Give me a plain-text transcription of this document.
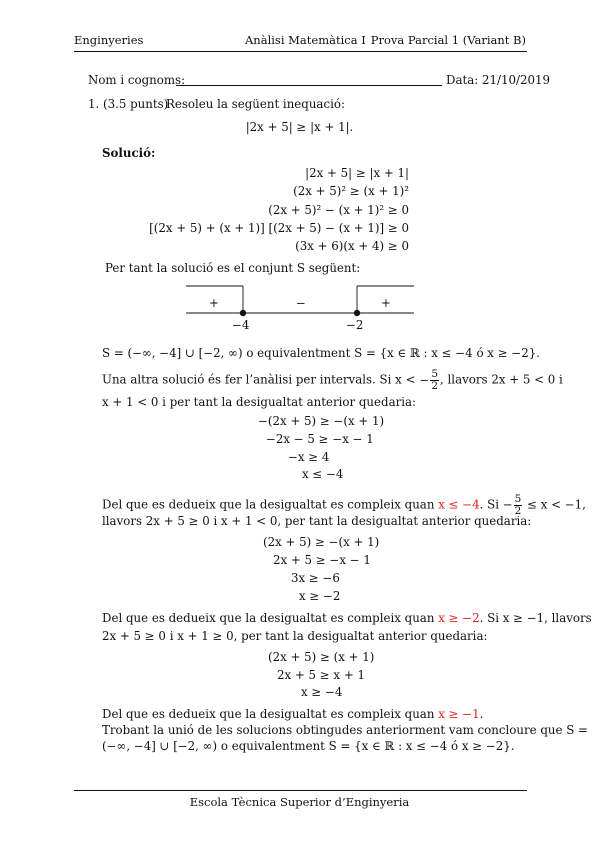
Enginyeries	Anàlisi Matemàtica I Prova Parcial 1 (Variant B)
Nom i cognoms:	Data: 21/10/2019
1. (3.5 punts)
Resoleu la següent inequació:
|2x + 5| ≥ |x + 1|.
Solució:
|2x + 5| ≥ |x + 1|
(2x + 5)² ≥ (x + 1)²
(2x + 5)² − (x + 1)² ≥ 0
[(2x + 5) + (x + 1)] [(2x + 5) − (x + 1)] ≥ 0
(3x + 6)(x + 4) ≥ 0
Per tant la solució es el conjunt S següent:
+	−	+
−4	−2
S = (−∞, −4] ∪ [−2, ∞) o equivalentment S = {x ∈ ℝ : x ≤ −4 ó x ≥ −2}.
Una altra solució és fer l’anàlisi per intervals. Si x < − $\frac{5}{2}$ , llavors 2x + 5 < 0 i
x + 1 < 0 i per tant la desigualtat anterior quedaria:
−(2x + 5) ≥ −(x + 1)
−2x − 5 ≥ −x − 1
−x ≥ 4
x ≤ −4
Del que es dedueix que la desigualtat es compleix quan x ≤ −4. $Si - \frac{5}{2} \le x < -1$,
llavors 2x + 5 ≥ 0 i x + 1 < 0, per tant la desigualtat anterior quedaria:
(2x + 5) ≥ −(x + 1)
2x + 5 ≥ −x − 1
3x ≥ −6
x ≥ −2
Del que es dedueix que la desigualtat es compleix quan x ≥ −2. Si x ≥ −1, llavors
2x + 5 ≥ 0 i x + 1 ≥ 0, per tant la desigualtat anterior quedaria:
(2x + 5) ≥ (x + 1)
2x + 5 ≥ x + 1
x ≥ −4
Del que es dedueix que la desigualtat es compleix quan x ≥ −1.
Trobant la unió de les solucions obtingudes anteriorment vam concloure que S =
(−∞, −4] ∪ [−2, ∞) o equivalentment S = {x ∈ ℝ : x ≤ −4 ó x ≥ −2}.
Escola Tècnica Superior d’Enginyeria
